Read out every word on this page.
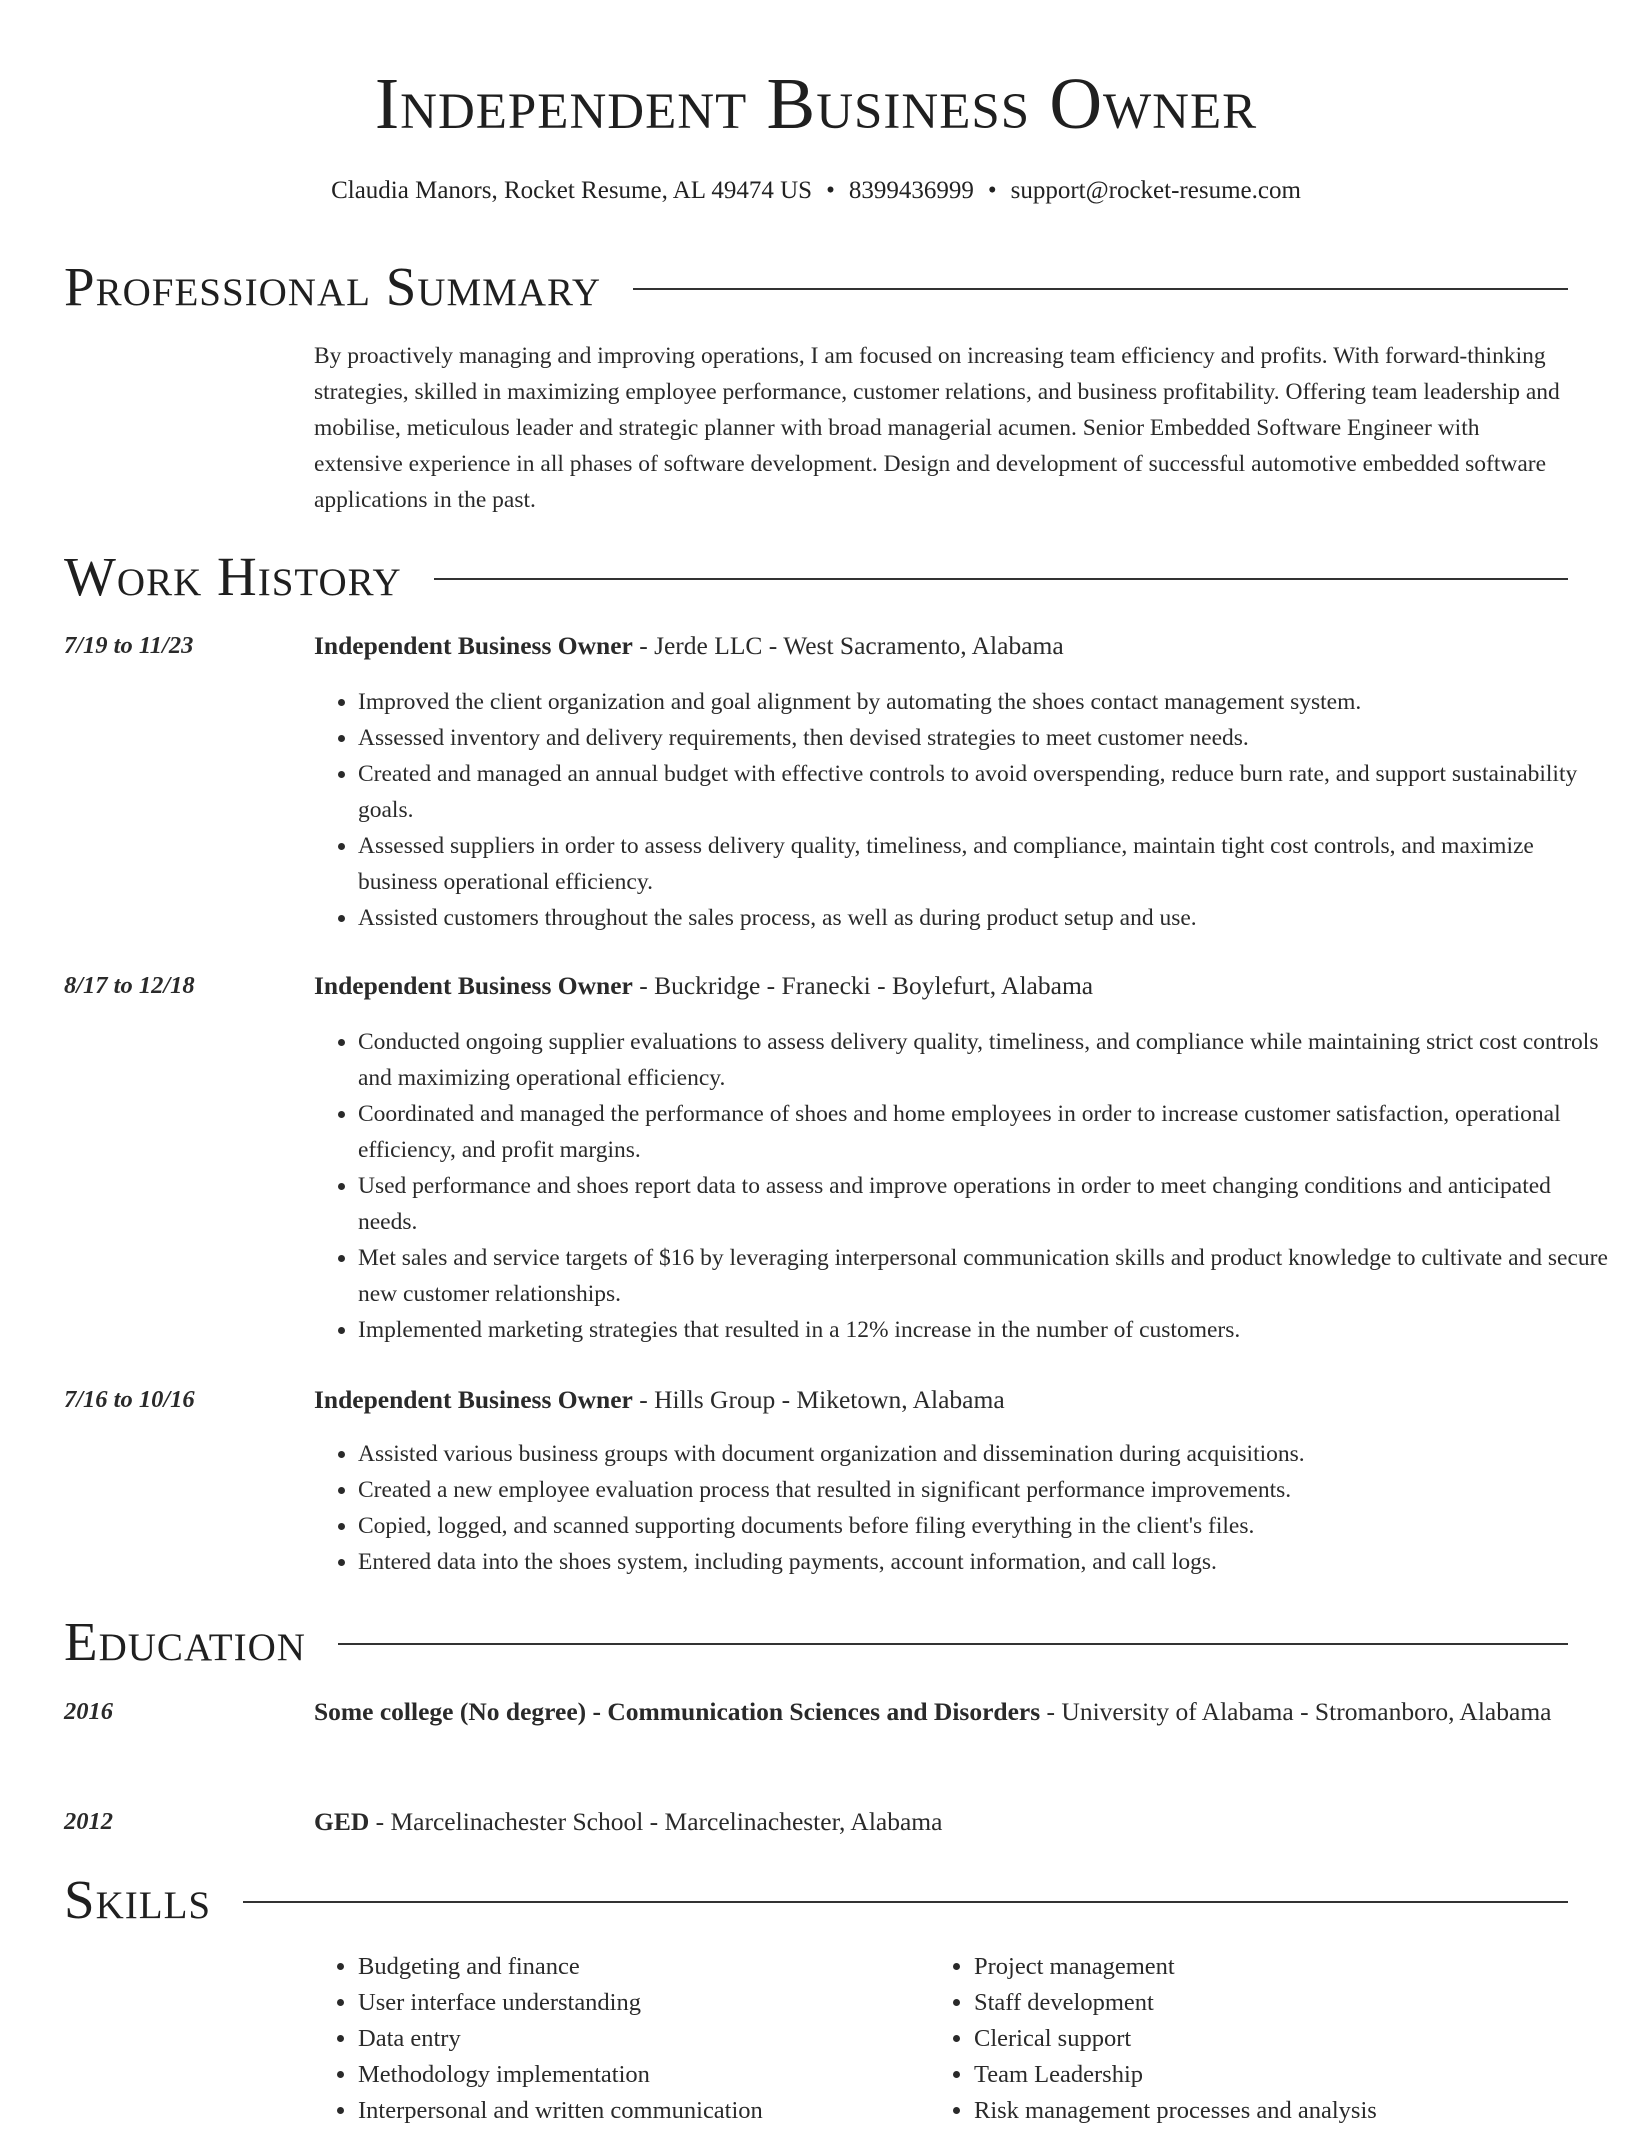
Independent Business Owner
Claudia Manors, Rocket Resume, AL 49474 US • 8399436999 • support@rocket-resume.com
Professional Summary
By proactively managing and improving operations, I am focused on increasing team efficiency and profits. With forward-thinking strategies, skilled in maximizing employee performance, customer relations, and business profitability. Offering team leadership and mobilise, meticulous leader and strategic planner with broad managerial acumen. Senior Embedded Software Engineer with extensive experience in all phases of software development. Design and development of successful automotive embedded software applications in the past.
Work History
7/19 to 11/23	Independent Business Owner - Jerde LLC - West Sacramento, Alabama
• Improved the client organization and goal alignment by automating the shoes contact management system.
• Assessed inventory and delivery requirements, then devised strategies to meet customer needs.
• Created and managed an annual budget with effective controls to avoid overspending, reduce burn rate, and support sustainability goals.
• Assessed suppliers in order to assess delivery quality, timeliness, and compliance, maintain tight cost controls, and maximize business operational efficiency.
• Assisted customers throughout the sales process, as well as during product setup and use.
8/17 to 12/18	Independent Business Owner - Buckridge - Franecki - Boylefurt, Alabama
• Conducted ongoing supplier evaluations to assess delivery quality, timeliness, and compliance while maintaining strict cost controls and maximizing operational efficiency.
• Coordinated and managed the performance of shoes and home employees in order to increase customer satisfaction, operational efficiency, and profit margins.
• Used performance and shoes report data to assess and improve operations in order to meet changing conditions and anticipated needs.
• Met sales and service targets of $16 by leveraging interpersonal communication skills and product knowledge to cultivate and secure new customer relationships.
• Implemented marketing strategies that resulted in a 12% increase in the number of customers.
7/16 to 10/16	Independent Business Owner - Hills Group - Miketown, Alabama
• Assisted various business groups with document organization and dissemination during acquisitions.
• Created a new employee evaluation process that resulted in significant performance improvements.
• Copied, logged, and scanned supporting documents before filing everything in the client's files.
• Entered data into the shoes system, including payments, account information, and call logs.
Education
2016	Some college (No degree) - Communication Sciences and Disorders - University of Alabama - Stromanboro, Alabama
2012	GED - Marcelinachester School - Marcelinachester, Alabama
Skills
• Budgeting and finance
• User interface understanding
• Data entry
• Methodology implementation
• Interpersonal and written communication
• Project management
• Staff development
• Clerical support
• Team Leadership
• Risk management processes and analysis
